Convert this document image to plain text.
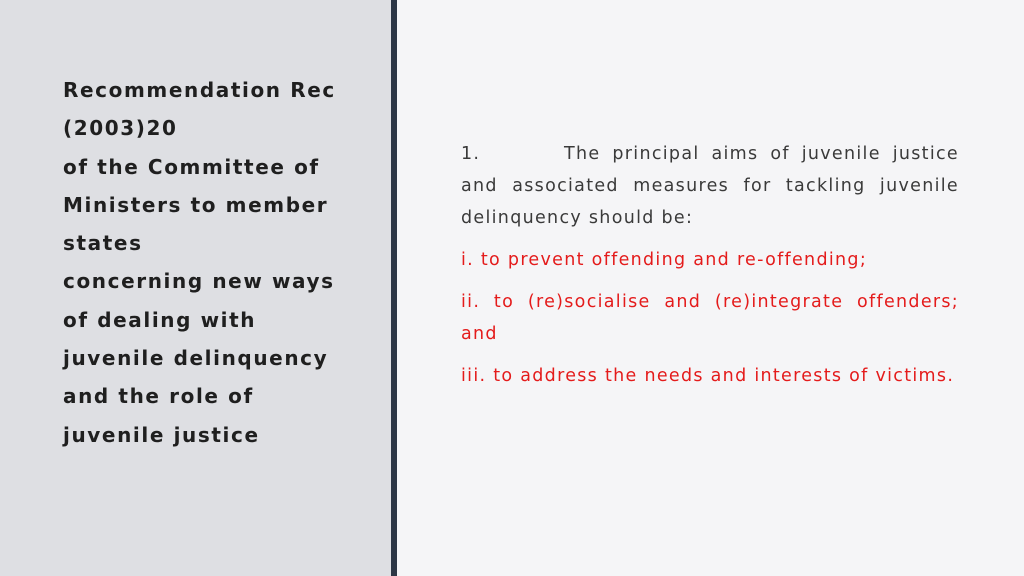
Recommendation Rec
(2003)20
of the Committee of
Ministers to member
states
concerning new ways
of dealing with
juvenile delinquency
and the role of
juvenile justice

1.	The principal aims of juvenile justice and associated measures for tackling juvenile delinquency should be:

i. to prevent offending and re-offending;

ii. to (re)socialise and (re)integrate offenders; and

iii. to address the needs and interests of victims.
